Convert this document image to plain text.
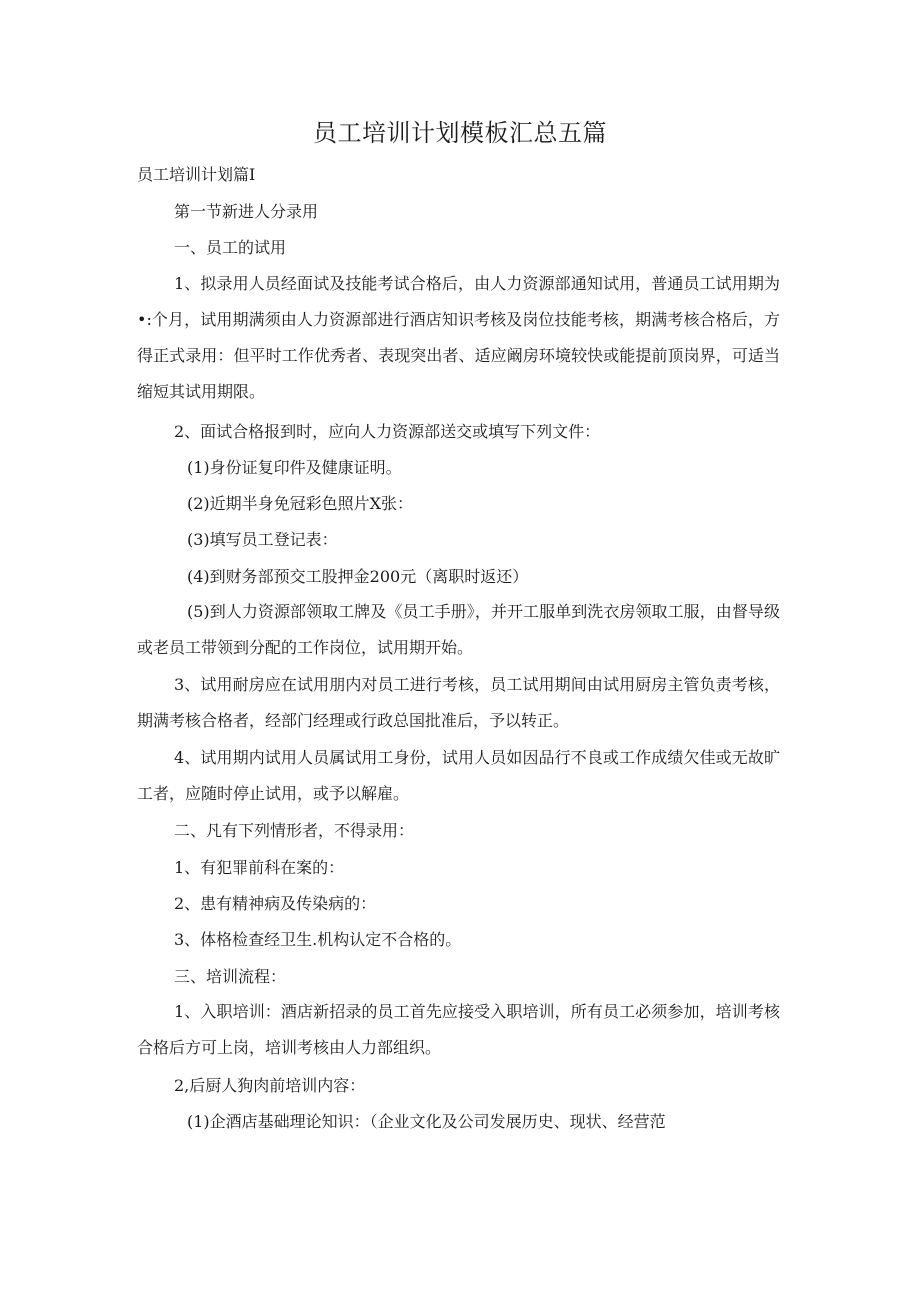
员工培训计划模板汇总五篇
员工培训计划篇I
第一节新进人分录用
一、员工的试用
1、拟录用人员经面试及技能考试合格后，由人力资源部通知试用，普通员工试用期为•:个月，试用期满须由人力资源部进行酒店知识考核及岗位技能考核，期满考核合格后，方得正式录用：但平时工作优秀者、表现突出者、适应阚房环境较快或能提前顶岗界，可适当缩短其试用期限。
2、面试合格报到时，应向人力资源部送交或填写下列文件：
(1)身份证复印件及健康证明。
(2)近期半身免冠彩色照片X张：
(3)填写员工登记表：
(4)到财务部预交工股押金200元（离职时返还）
(5)到人力资源部领取工牌及《员工手册》，并开工服单到洗衣房领取工服，由督导级或老员工带领到分配的工作岗位，试用期开始。
3、试用耐房应在试用朋内对员工进行考核，员工试用期间由试用厨房主管负责考核，期满考核合格者，经部门经理或行政总国批准后，予以转正。
4、试用期内试用人员属试用工身份，试用人员如因品行不良或工作成绩欠佳或无故旷工者，应随时停止试用，或予以解雇。
二、凡有下列情形者，不得录用：
1、有犯罪前科在案的：
2、患有精神病及传染病的：
3、体格检查经卫生.机构认定不合格的。
三、培训流程：
1、入职培训：酒店新招录的员工首先应接受入职培训，所有员工必须参加，培训考核合格后方可上岗，培训考核由人力部组织。
2,后厨人狗肉前培训内容：
(1)企酒店基础理论知识：（企业文化及公司发展历史、现状、经营范
